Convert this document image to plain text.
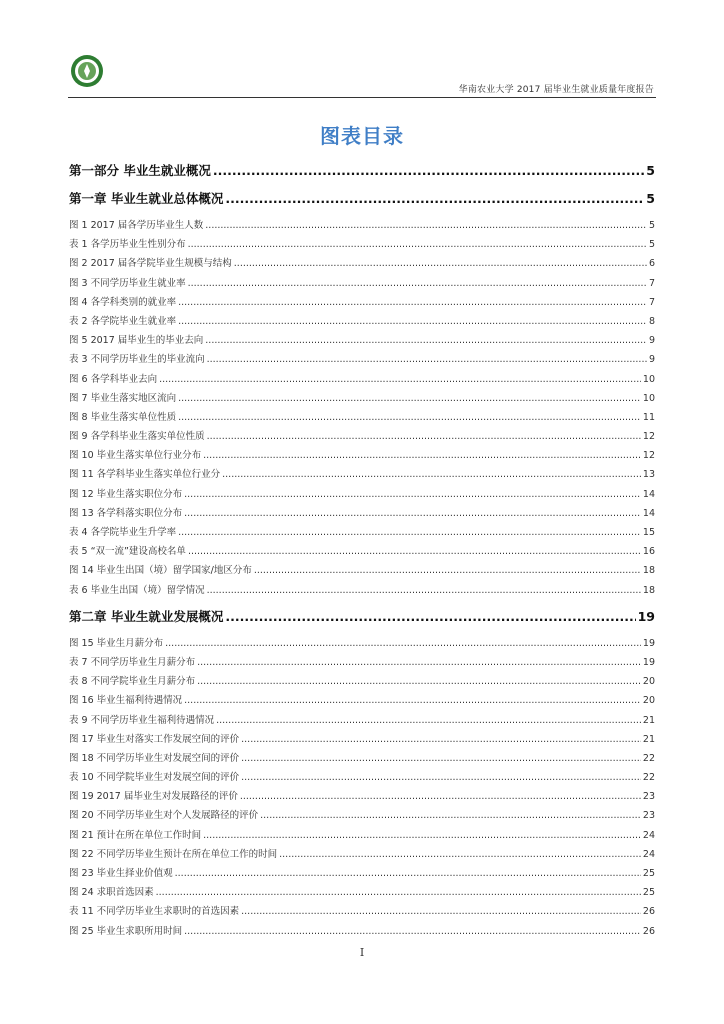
华南农业大学 2017 届毕业生就业质量年度报告
图表目录
第一部分 毕业生就业概况 .....	5
第一章 毕业生就业总体概况 .....	5
图 1 2017 届各学历毕业生人数 .....	5
表 1 各学历毕业生性别分布 .....	5
图 2 2017 届各学院毕业生规模与结构 .....	6
图 3 不同学历毕业生就业率 .....	7
图 4 各学科类别的就业率 .....	7
表 2 各学院毕业生就业率 .....	8
图 5 2017 届毕业生的毕业去向 .....	9
表 3 不同学历毕业生的毕业流向 .....	9
图 6 各学科毕业去向 .....	10
图 7 毕业生落实地区流向 .....	10
图 8 毕业生落实单位性质 .....	11
图 9 各学科毕业生落实单位性质 .....	12
图 10 毕业生落实单位行业分布 .....	12
图 11 各学科毕业生落实单位行业分 .....	13
图 12 毕业生落实职位分布 .....	14
图 13 各学科落实职位分布 .....	14
表 4 各学院毕业生升学率 .....	15
表 5 “双一流”建设高校名单 .....	16
图 14 毕业生出国（境）留学国家/地区分布 .....	18
表 6 毕业生出国（境）留学情况 .....	18
第二章 毕业生就业发展概况 .....	19
图 15 毕业生月薪分布 .....	19
表 7 不同学历毕业生月薪分布 .....	19
表 8 不同学院毕业生月薪分布 .....	20
图 16 毕业生福利待遇情况 .....	20
表 9 不同学历毕业生福利待遇情况 .....	21
图 17 毕业生对落实工作发展空间的评价 .....	21
图 18 不同学历毕业生对发展空间的评价 .....	22
表 10 不同学院毕业生对发展空间的评价 .....	22
图 19 2017 届毕业生对发展路径的评价 .....	23
图 20 不同学历毕业生对个人发展路径的评价 .....	23
图 21 预计在所在单位工作时间 .....	24
图 22 不同学历毕业生预计在所在单位工作的时间 .....	24
图 23 毕业生择业价值观 .....	25
图 24 求职首选因素 .....	25
表 11 不同学历毕业生求职时的首选因素 .....	26
图 25 毕业生求职所用时间 .....	26
I
